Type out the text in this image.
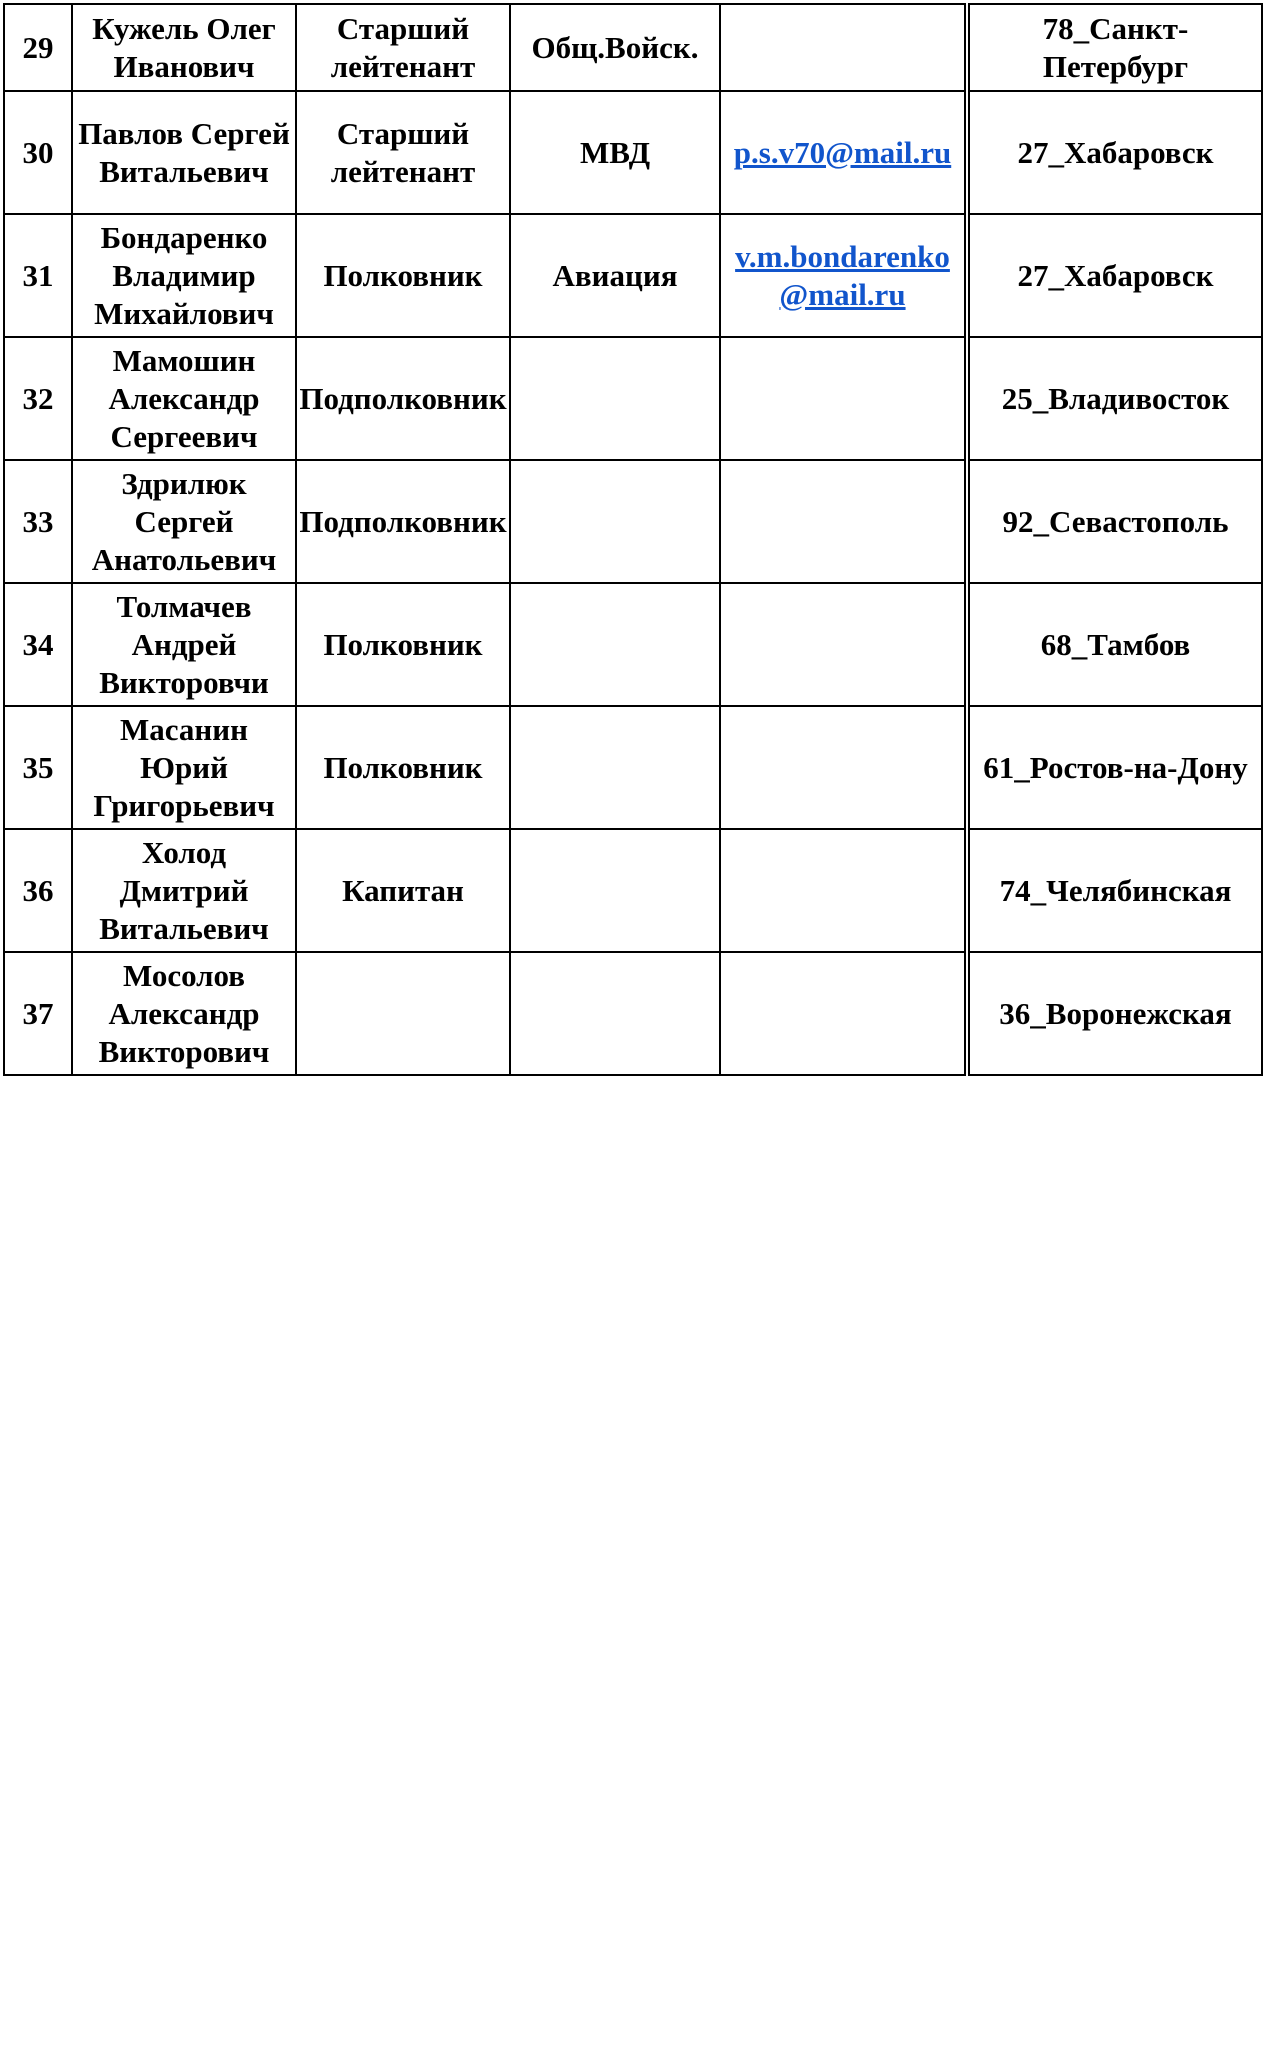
29	Кужель Олег Иванович	Старший лейтенант	Общ.Войск.		78_Санкт-Петербург
30	Павлов Сергей Витальевич	Старший лейтенант	МВД	p.s.v70@mail.ru	27_Хабаровск
31	Бондаренко Владимир Михайлович	Полковник	Авиация	v.m.bondarenko@mail.ru	27_Хабаровск
32	Мамошин Александр Сергеевич	Подполковник			25_Владивосток
33	Здрилюк Сергей Анатольевич	Подполковник			92_Севастополь
34	Толмачев Андрей Викторовчи	Полковник			68_Тамбов
35	Масанин Юрий Григорьевич	Полковник			61_Ростов-на-Дону
36	Холод Дмитрий Витальевич	Капитан			74_Челябинская
37	Мосолов Александр Викторович				36_Воронежская
